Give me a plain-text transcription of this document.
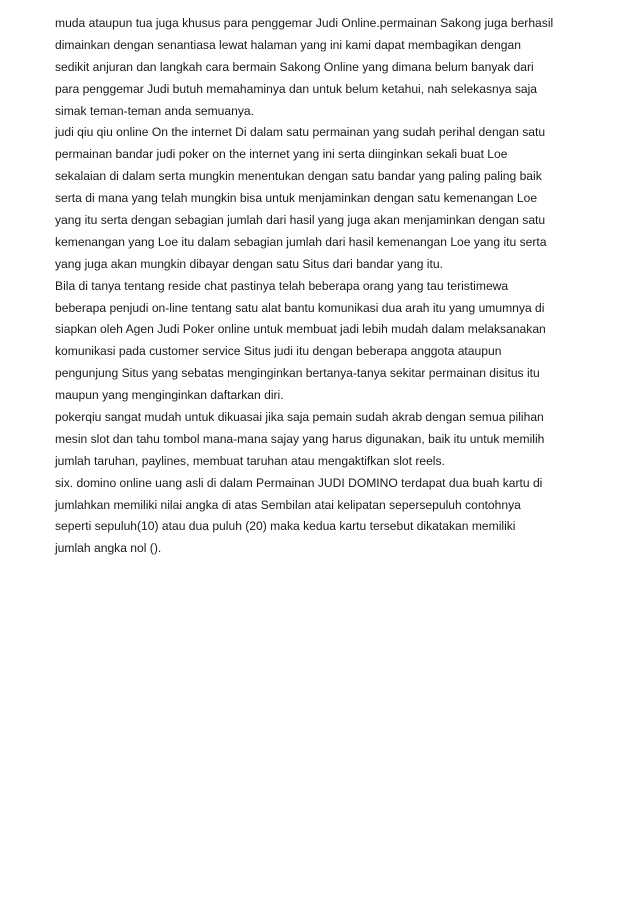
muda ataupun tua juga khusus para penggemar Judi Online.permainan Sakong juga berhasil
dimainkan dengan senantiasa lewat halaman yang ini kami dapat membagikan dengan
sedikit anjuran dan langkah cara bermain Sakong Online yang dimana belum banyak dari
para penggemar Judi butuh memahaminya dan untuk belum ketahui, nah selekasnya saja
simak teman-teman anda semuanya.
judi qiu qiu online On the internet Di dalam satu permainan yang sudah perihal dengan satu
permainan bandar judi poker on the internet yang ini serta diinginkan sekali buat Loe
sekalaian di dalam serta mungkin menentukan dengan satu bandar yang paling paling baik
serta di mana yang telah mungkin bisa untuk menjaminkan dengan satu kemenangan Loe
yang itu serta dengan sebagian jumlah dari hasil yang juga akan menjaminkan dengan satu
kemenangan yang Loe itu dalam sebagian jumlah dari hasil kemenangan Loe yang itu serta
yang juga akan mungkin dibayar dengan satu Situs dari bandar yang itu.
Bila di tanya tentang reside chat pastinya telah beberapa orang yang tau teristimewa
beberapa penjudi on-line tentang satu alat bantu komunikasi dua arah itu yang umumnya di
siapkan oleh Agen Judi Poker online untuk membuat jadi lebih mudah dalam melaksanakan
komunikasi pada customer service Situs judi itu dengan beberapa anggota ataupun
pengunjung Situs yang sebatas menginginkan bertanya-tanya sekitar permainan disitus itu
maupun yang menginginkan daftarkan diri.
pokerqiu sangat mudah untuk dikuasai jika saja pemain sudah akrab dengan semua pilihan
mesin slot dan tahu tombol mana-mana sajay yang harus digunakan, baik itu untuk memilih
jumlah taruhan, paylines, membuat taruhan atau mengaktifkan slot reels.
six. domino online uang asli di dalam Permainan JUDI DOMINO terdapat dua buah kartu di
jumlahkan memiliki nilai angka di atas Sembilan atai kelipatan sepersepuluh contohnya
seperti sepuluh(10) atau dua puluh (20) maka kedua kartu tersebut dikatakan memiliki
jumlah angka nol ().
